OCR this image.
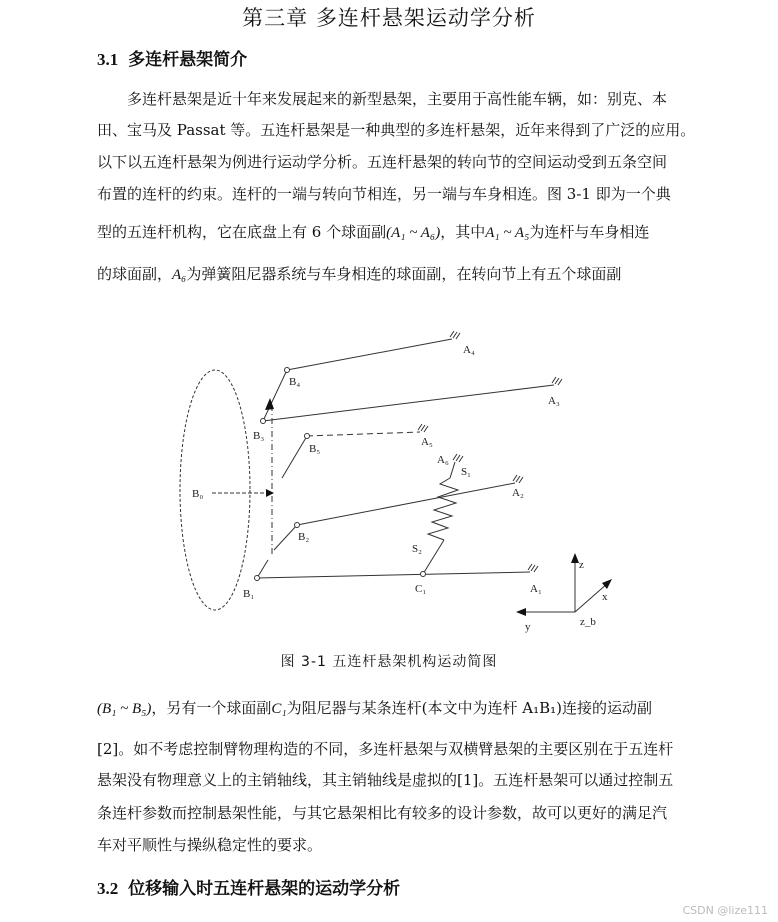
第三章 多连杆悬架运动学分析
3.1 多连杆悬架简介
多连杆悬架是近十年来发展起来的新型悬架，主要用于高性能车辆，如：别克、本
田、宝马及 Passat 等。五连杆悬架是一种典型的多连杆悬架，近年来得到了广泛的应用。
以下以五连杆悬架为例进行运动学分析。五连杆悬架的转向节的空间运动受到五条空间
布置的连杆的约束。连杆的一端与转向节相连，另一端与车身相连。图 3-1 即为一个典
型的五连杆机构，它在底盘上有 6 个球面副(A₁ ~ A₆)，其中A₁ ~ A₅为连杆与车身相连
的球面副，A₆为弹簧阻尼器系统与车身相连的球面副，在转向节上有五个球面副
A₄
A₃
A₅
A₆
A₂
A₁
B₄
B₃
B₅
B₀
B₂
B₁	C₁
S₁
S₂
z
y
x
z_b
图 3-1 五连杆悬架机构运动简图
(B₁ ~ B₅)，另有一个球面副C₁为阻尼器与某条连杆(本文中为连杆 A₁B₁)连接的运动副
[2]。如不考虑控制臂物理构造的不同，多连杆悬架与双横臂悬架的主要区别在于五连杆
悬架没有物理意义上的主销轴线，其主销轴线是虚拟的[1]。五连杆悬架可以通过控制五
条连杆参数而控制悬架性能，与其它悬架相比有较多的设计参数，故可以更好的满足汽
车对平顺性与操纵稳定性的要求。
3.2 位移输入时五连杆悬架的运动学分析
CSDN @lize111
